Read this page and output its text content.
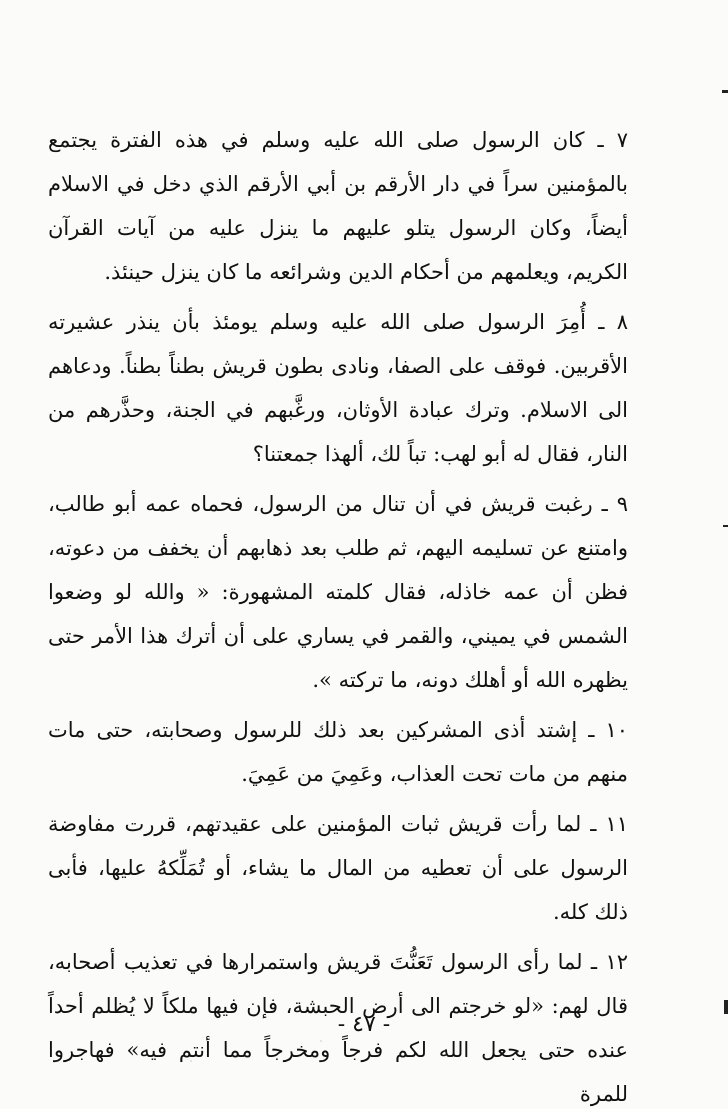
٧ ـ كان الرسول صلى الله عليه وسلم في هذه الفترة يجتمع بالمؤمنين سراً في دار الأرقم بن أبي الأرقم الذي دخل في الاسلام أيضاً، وكان الرسول يتلو عليهم ما ينزل عليه من آيات القرآن الكريم، ويعلمهم من أحكام الدين وشرائعه ما كان ينزل حينئذ.

٨ ـ أُمِرَ الرسول صلى الله عليه وسلم يومئذ بأن ينذر عشيرته الأقربين. فوقف على الصفا، ونادى بطون قريش بطناً بطناً. ودعاهم الى الاسلام. وترك عبادة الأوثان، ورغَّبهم في الجنة، وحذَّرهم من النار، فقال له أبو لهب: تباً لك، ألهذا جمعتنا؟

٩ ـ رغبت قريش في أن تنال من الرسول، فحماه عمه أبو طالب، وامتنع عن تسليمه اليهم، ثم طلب بعد ذهابهم أن يخفف من دعوته، فظن أن عمه خاذله، فقال كلمته المشهورة: « والله لو وضعوا الشمس في يميني، والقمر في يساري على أن أترك هذا الأمر حتى يظهره الله أو أهلك دونه، ما تركته ».

١٠ ـ إشتد أذى المشركين بعد ذلك للرسول وصحابته، حتى مات منهم من مات تحت العذاب، وعَمِيَ من عَمِيَ.

١١ ـ لما رأت قريش ثبات المؤمنين على عقيدتهم، قررت مفاوضة الرسول على أن تعطيه من المال ما يشاء، أو تُمَلِّكهُ عليها، فأبى ذلك كله.

١٢ ـ لما رأى الرسول تَعَنُّتَ قريش واستمرارها في تعذيب أصحابه، قال لهم: «لو خرجتم الى أرض الحبشة، فإن فيها ملكاً لا يُظلم أحداً عنده حتى يجعل الله لكم فرجاً ومخرجاً مما أنتم فيه» فهاجروا للمرة

- ٤٧ -
